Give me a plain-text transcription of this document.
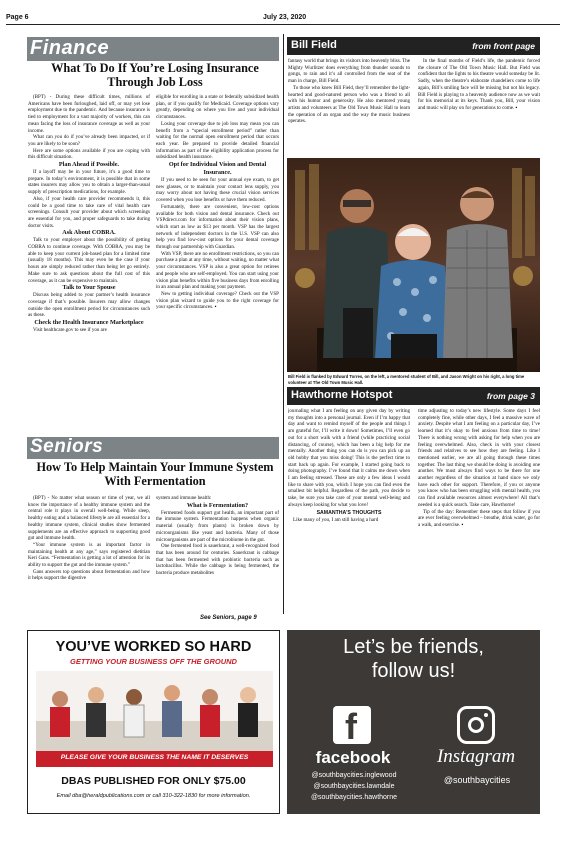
Page 6	July 23, 2020
Finance
What To Do If You’re Losing Insurance Through Job Loss

(BPT) - During these difficult times, millions of Americans have been furloughed, laid off, or may yet lose employment due to the pandemic. And because insurance is tied to employment for a vast majority of workers, this can mean facing the loss of insurance coverage as well as your income.

What can you do if you’ve already been impacted, or if you are likely to be soon?

Here are some options available if you are coping with this difficult situation.

Plan Ahead if Possible.

If a layoff may be in your future, it’s a good time to prepare. In today’s environment, it is possible that in some states insurers may allow you to obtain a larger-than-usual supply of prescription medications, for example.

Also, if your health care provider recommends it, this could be a good time to take care of vital health care screenings. Consult your provider about which screenings are essential for you, and proper safeguards to take during doctor visits.

Ask About COBRA.

Talk to your employer about the possibility of getting COBRA to continue coverage. With COBRA, you may be able to keep your current job-based plan for a limited time (usually 18 months). This may even be the case if your hours are simply reduced rather than being let go entirely. Make sure to ask questions about the full cost of this coverage, as it can be expensive to maintain.

Talk to Your Spouse

Discuss being added to your partner’s health insurance coverage if that’s possible. Insurers may allow changes outside the open enrollment period for circumstances such as these.

Check the Health Insurance Marketplace

Visit healthcare.gov to see if you are

eligible for enrolling in a state or federally subsidized health plan, or if you qualify for Medicaid. Coverage options vary greatly, depending on where you live and your individual circumstances.

Losing your coverage due to job loss may mean you can benefit from a “special enrollment period” rather than waiting for the normal open enrollment period that occurs each year. Be prepared to provide detailed financial information as part of the eligibility application process for subsidized health insurance.

Opt for Individual Vision and Dental Insurance.

If you need to be seen for your annual eye exam, to get new glasses, or to maintain your contact lens supply, you may worry about not having these crucial vision services covered when you lose benefits or have them reduced.

Fortunately, there are convenient, low-cost options available for both vision and dental insurance. Check out VSPdirect.com for information about their vision plans, which start as low as $13 per month. VSP has the largest network of independent doctors in the U.S. VSP can also help you find low-cost options for your dental coverage through our partnership with Guardian.

With VSP, there are no enrollment restrictions, so you can purchase a plan at any time, without waiting, no matter what your circumstances. VSP is also a great option for retirees and people who are self-employed. You can start using your vision plan benefits within five business days from enrolling in an annual plan and making your payment.

New to getting individual coverage? Check out the VSP vision plan wizard to guide you to the right coverage for your specific circumstances. ▪

Bill Field	from front page

fantasy world that brings its visitors into heavenly bliss. The Mighty Wurlitzer does everything from thunder sounds to gongs, to rain and it’s all controlled from the seat of the man in charge, Bill Field.

To those who knew Bill Field, they’ll remember the light-hearted and good-natured person who was a friend to all with his humor and generosity. He also mentored young artists and volunteers at The Old Town Music Hall to learn the operation of an organ and the way the music business operates.

In the final months of Field’s life, the pandemic forced the closure of The Old Town Music Hall. But Field was confident that the lights to his theatre would someday be lit. Sadly, when the theatre’s elaborate chandeliers come to life again, Bill’s smiling face will be missing but not his legacy. Bill Field is playing to a heavenly audience now as we wait for his memorial at its keys. Thank you, Bill, your vision and music will play on for generations to come. ▪

Bill Field is flanked by Edward Torres, on the left, a mentored student of Bill, and Jason Wright on his right, a long time volunteer at The Old Town Music Hall.
Seniors
How To Help Maintain Your Immune System With Fermentation

(BPT) - No matter what season or time of year, we all know the importance of a healthy immune system and the central role it plays in overall well-being. While sleep, healthy eating and a balanced lifestyle are all essential for a healthy immune system, clinical studies show fermented supplements are an effective approach to supporting good gut and immune health.

“Your immune system is as important factor in maintaining health at any age,” says registered dietitian Keri Gans. “Fermentation is getting a lot of attention for its ability to support the gut and the immune system.”

Gans answers top questions about fermentation and how it helps support the digestive

system and immune health:

What is Fermentation?

Fermented foods support gut health, an important part of the immune system. Fermentation happens when organic material (usually from plants) is broken down by microorganisms like yeast and bacteria. Many of those microorganisms are part of the microbiome in the gut.

One fermented food is sauerkraut, a well-recognized food that has been around for centuries. Sauerkraut is cabbage that has been fermented with probiotic bacteria such as lactobacillus. While the cabbage is being fermented, the bacteria produce metabolites

See Seniors, page 9
Hawthorne Hotspot	from page 3

journaling what I am feeling on any given day by writing my thoughts into a personal journal. Even if I’m happy that day and want to remind myself of the people and things I am grateful for, I’ll write it down! Sometimes, I’ll even go out for a short walk with a friend (while practicing social distancing, of course), which has been a big help for me mentally. Another thing you can do is you can pick up an old hobby that you miss doing! This is the perfect time to start back up again. For example, I started going back to doing photography. I’ve found that it calms me down when I am feeling stressed. These are only a few ideas I would like to share with you, which I hope you can find even the smallest bit helpful. Regardless of the path, you decide to take, be sure you take care of your mental well-being and always keep looking for what you love!

SAMANTHA’S THOUGHTS

Like many of you, I am still having a hard

time adjusting to today’s new lifestyle. Some days I feel completely fine, while other days, I feel a massive wave of anxiety. Despite what I am feeling on a particular day, I’ve learned that it’s okay to feel anxious from time to time! There is nothing wrong with asking for help when you are feeling overwhelmed. Also, check in with your closest friends and relatives to see how they are feeling. Like I mentioned earlier, we are all going through these times together. The last thing we should be doing is avoiding one another. We must always find ways to be there for one another regardless of the situation at hand since we only have each other for support. Therefore, if you or anyone you know who has been struggling with mental health, you can find available resources almost everywhere! All that’s needed is a quick search. Take care, Hawthorne!

Tip of the day: Remember these steps that follow if you are ever feeling overwhelmed – breathe, drink water, go for a walk, and exercise. ▪

YOU’VE WORKED SO HARD
GETTING YOUR BUSINESS OFF THE GROUND
PLEASE GIVE YOUR BUSINESS THE NAME IT DESERVES
DBAS PUBLISHED FOR ONLY $75.00
Email dba@heraldpublications.com or call 310-322-1830 for more information.
Let’s be friends,
follow us!
f
facebook
@southbaycities.inglewood
@southbaycities.lawndale
@southbaycities.hawthorne
Instagram
@southbaycities
